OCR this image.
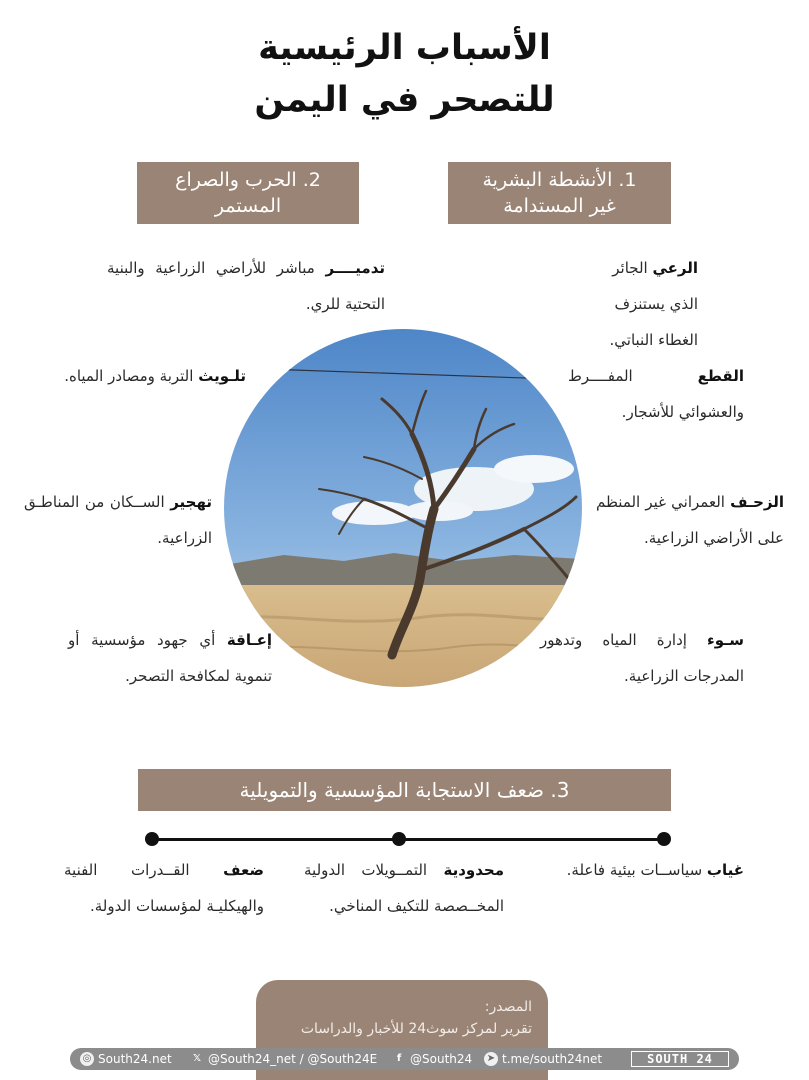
الأسباب الرئيسية
للتصحر في اليمن
1. الأنشطة البشرية
غير المستدامة
2. الحرب والصراع
المستمر
الرعي الجائر الذي يستنزف الغطاء النباتي.
القطع المفــــرط والعشوائي للأشجار.
الزحـف العمراني غير المنظم على الأراضي الزراعية.
سـوء إدارة المياه وتدهور المدرجات الزراعية.
تدميــــر مباشر للأراضي الزراعية والبنية التحتية للري.
تلـويث التربة ومصادر المياه.
تهجير الســكان من المناطـق الزراعية.
إعـاقة أي جهود مؤسسية أو تنموية لمكافحة التصحر.
3. ضعف الاستجابة المؤسسية والتمويلية
غياب سياســات بيئية فاعلة.
محدودية التمــويلات الدولية المخــصصة للتكيف المناخي.
ضعف القــدرات الفنية والهيكليـة لمؤسسات الدولة.
المصدر:
تقرير لمركز سوث24 للأخبار والدراسات
◎ South24.net 𝕏 @South24_net / @South24E	f @South24 ➤ t.me/south24net	SOUTH 24
